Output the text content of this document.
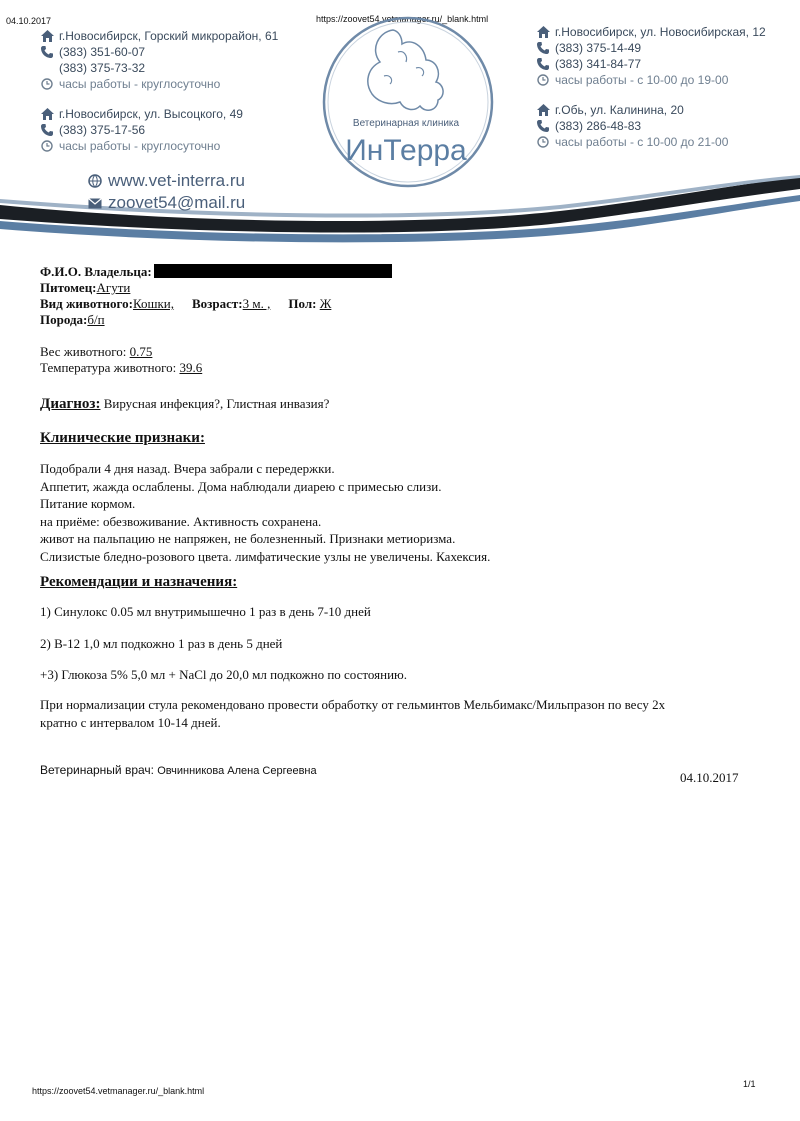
04.10.2017	https://zoovet54.vetmanager.ru/_blank.html
г.Новосибирск, Горский микрорайон, 61
(383) 351-60-07
(383) 375-73-32
часы работы - круглосуточно
г.Новосибирск, ул. Высоцкого, 49
(383) 375-17-56
часы работы - круглосуточно
г.Новосибирск, ул. Новосибирская, 12
(383) 375-14-49
(383) 341-84-77
часы работы - с 10-00 до 19-00
г.Обь, ул. Калинина, 20
(383) 286-48-83
часы работы - с 10-00 до 21-00
Ветеринарная клиника
ИнТерра
www.vet-interra.ru
zoovet54@mail.ru
Ф.И.О. Владельца:
Питомец:Агути
Вид животного:Кошки, Возраст:3 м. , Пол: Ж
Порода:б/п
Вес животного: 0.75
Температура животного: 39.6
Диагноз: Вирусная инфекция?, Глистная инвазия?
Клинические признаки:
Подобрали 4 дня назад. Вчера забрали с передержки.
Аппетит, жажда ослаблены. Дома наблюдали диарею с примесью слизи.
Питание кормом.
на приёме: обезвоживание. Активность сохранена.
живот на пальпацию не напряжен, не болезненный. Признаки метиоризма.
Слизистые бледно-розового цвета. лимфатические узлы не увеличены. Кахексия.
Рекомендации и назначения:
1) Синулокс 0.05 мл внутримышечно 1 раз в день 7-10 дней
2) В-12 1,0 мл подкожно 1 раз в день 5 дней
+3) Глюкоза 5% 5,0 мл + NaCl до 20,0 мл подкожно по состоянию.
При нормализации стула рекомендовано провести обработку от гельминтов Мельбимакс/Мильпразон по весу 2х
кратно с интервалом 10-14 дней.
Ветеринарный врач: Овчинникова Алена Сергеевна	04.10.2017
https://zoovet54.vetmanager.ru/_blank.html
1/1
